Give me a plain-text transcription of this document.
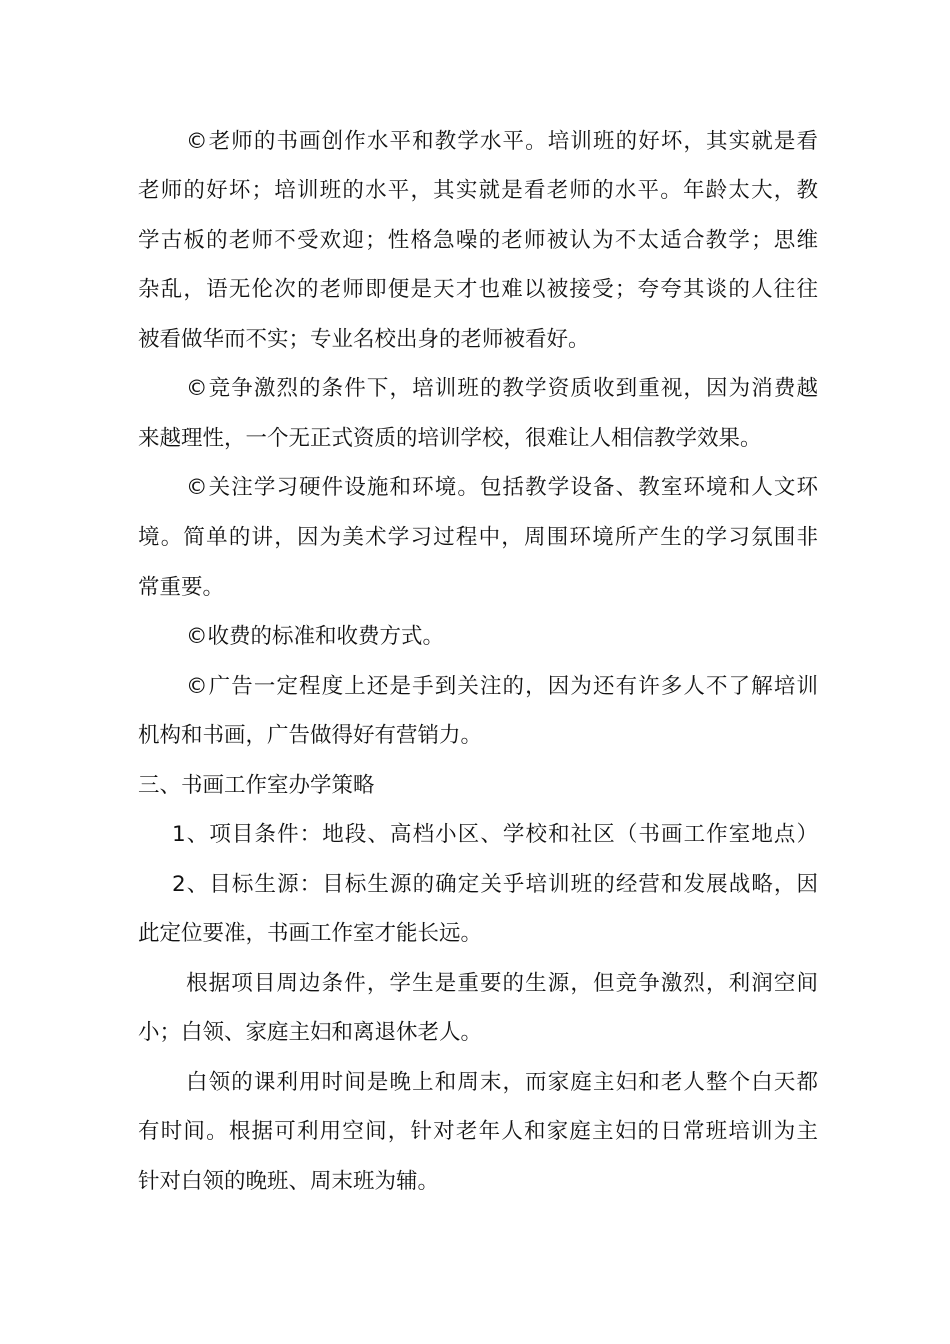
©老师的书画创作水平和教学水平。培训班的好坏，其实就是看
老师的好坏；培训班的水平，其实就是看老师的水平。年龄太大，教
学古板的老师不受欢迎；性格急噪的老师被认为不太适合教学；思维
杂乱，语无伦次的老师即便是天才也难以被接受；夸夸其谈的人往往
被看做华而不实；专业名校出身的老师被看好。
©竞争激烈的条件下，培训班的教学资质收到重视，因为消费越
来越理性，一个无正式资质的培训学校，很难让人相信教学效果。
©关注学习硬件设施和环境。包括教学设备、教室环境和人文环
境。简单的讲，因为美术学习过程中，周围环境所产生的学习氛围非
常重要。
©收费的标准和收费方式。
©广告一定程度上还是手到关注的，因为还有许多人不了解培训
机构和书画，广告做得好有营销力。
三、书画工作室办学策略
1、项目条件：地段、高档小区、学校和社区（书画工作室地点）
2、目标生源：目标生源的确定关乎培训班的经营和发展战略，因
此定位要准，书画工作室才能长远。
根据项目周边条件，学生是重要的生源，但竞争激烈，利润空间
小；白领、家庭主妇和离退休老人。
白领的课利用时间是晚上和周末，而家庭主妇和老人整个白天都
有时间。根据可利用空间，针对老年人和家庭主妇的日常班培训为主
针对白领的晚班、周末班为辅。
